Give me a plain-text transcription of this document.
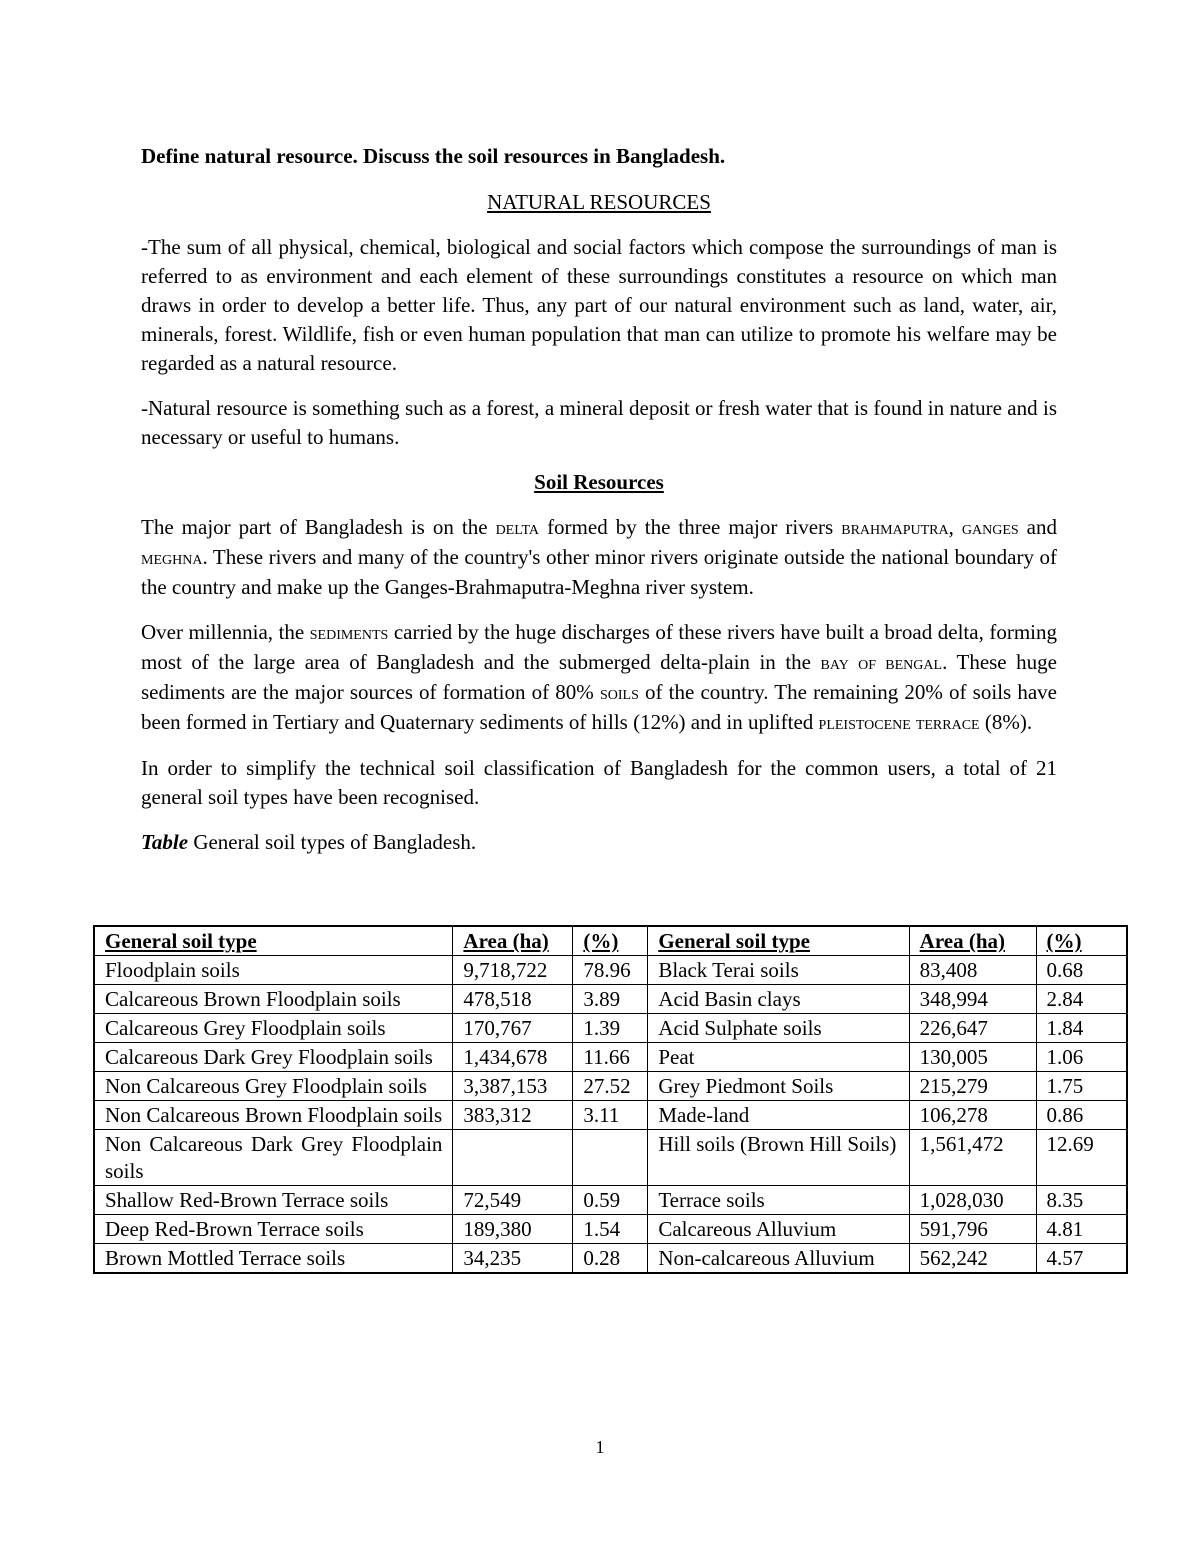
Define natural resource. Discuss the soil resources in Bangladesh.

NATURAL RESOURCES

-The sum of all physical, chemical, biological and social factors which compose the surroundings of man is referred to as environment and each element of these surroundings constitutes a resource on which man draws in order to develop a better life. Thus, any part of our natural environment such as land, water, air, minerals, forest. Wildlife, fish or even human population that man can utilize to promote his welfare may be regarded as a natural resource.

-Natural resource is something such as a forest, a mineral deposit or fresh water that is found in nature and is necessary or useful to humans.

Soil Resources

The major part of Bangladesh is on the delta formed by the three major rivers brahmaputra, ganges and meghna. These rivers and many of the country's other minor rivers originate outside the national boundary of the country and make up the Ganges-Brahmaputra-Meghna river system.

Over millennia, the sediments carried by the huge discharges of these rivers have built a broad delta, forming most of the large area of Bangladesh and the submerged delta-plain in the bay of bengal. These huge sediments are the major sources of formation of 80% soils of the country. The remaining 20% of soils have been formed in Tertiary and Quaternary sediments of hills (12%) and in uplifted pleistocene terrace (8%).

In order to simplify the technical soil classification of Bangladesh for the common users, a total of 21 general soil types have been recognised.

Table General soil types of Bangladesh.

General soil type	Area (ha)	(%)	General soil type	Area (ha)	(%)
Floodplain soils	9,718,722	78.96	Black Terai soils	83,408	0.68
Calcareous Brown Floodplain soils	478,518	3.89	Acid Basin clays	348,994	2.84
Calcareous Grey Floodplain soils	170,767	1.39	Acid Sulphate soils	226,647	1.84
Calcareous Dark Grey Floodplain soils	1,434,678	11.66	Peat	130,005	1.06
Non Calcareous Grey Floodplain soils	3,387,153	27.52	Grey Piedmont Soils	215,279	1.75
Non Calcareous Brown Floodplain soils	383,312	3.11	Made-land	106,278	0.86
Non Calcareous Dark Grey Floodplain soils			Hill soils (Brown Hill Soils)	1,561,472	12.69
Shallow Red-Brown Terrace soils	72,549	0.59	Terrace soils	1,028,030	8.35
Deep Red-Brown Terrace soils	189,380	1.54	Calcareous Alluvium	591,796	4.81
Brown Mottled Terrace soils	34,235	0.28	Non-calcareous Alluvium	562,242	4.57
1
